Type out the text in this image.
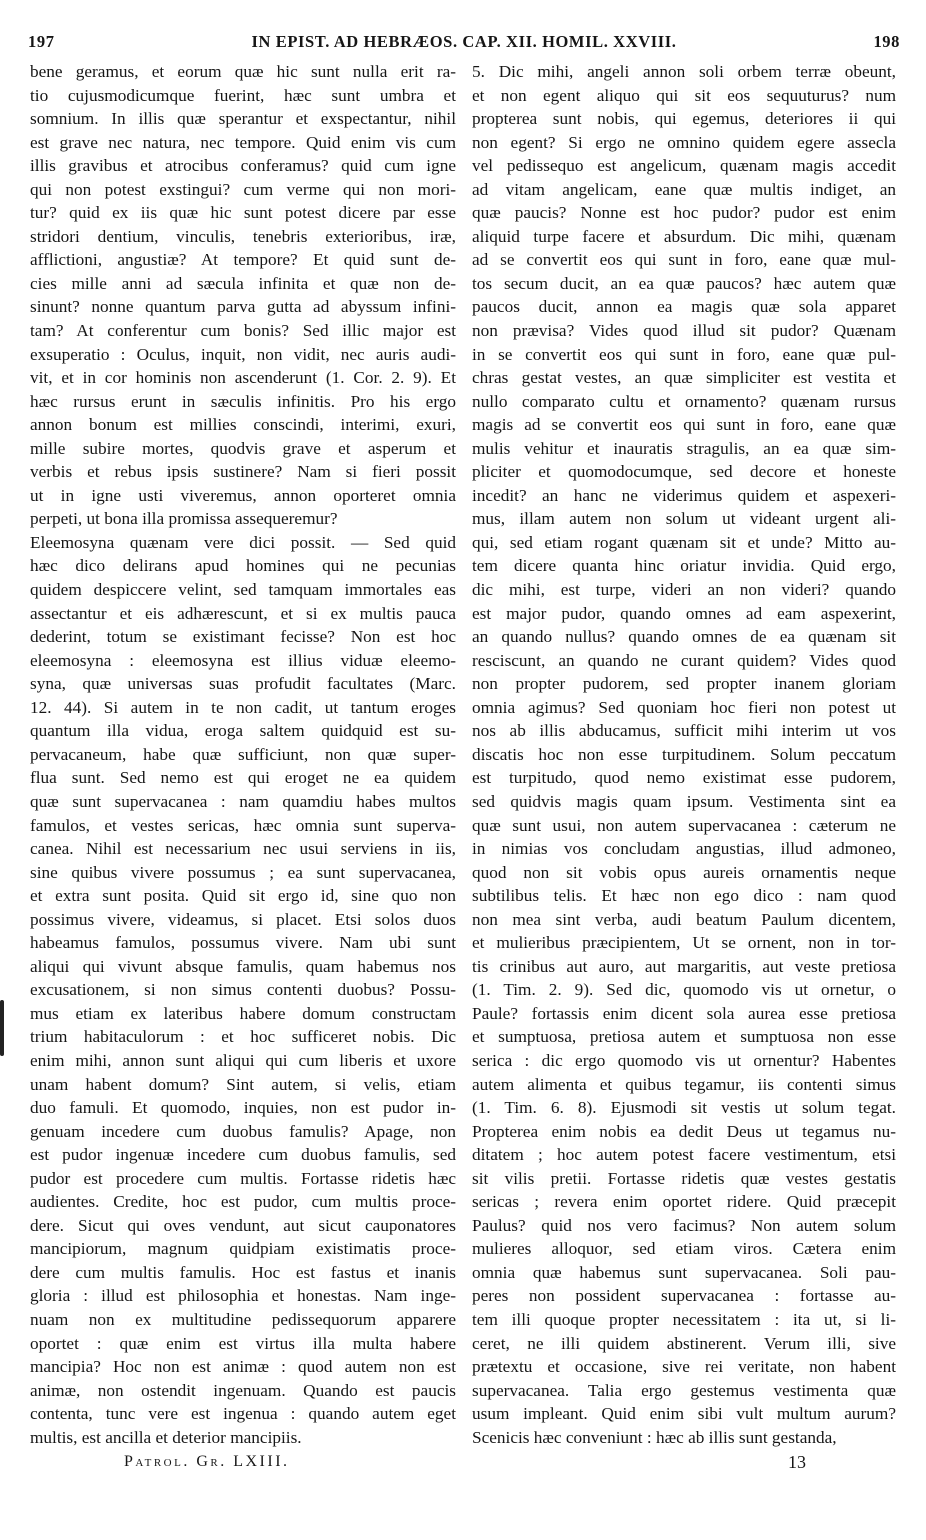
197	IN EPIST. AD HEBRÆOS. CAP. XII. HOMIL. XXVIII.	198
bene geramus, et eorum quæ hic sunt nulla erit ra-
tio cujusmodicumque fuerint, hæc sunt umbra et
somnium. In illis quæ sperantur et exspectantur, nihil
est grave nec natura, nec tempore. Quid enim vis cum
illis gravibus et atrocibus conferamus? quid cum igne
qui non potest exstingui? cum verme qui non mori-
tur? quid ex iis quæ hic sunt potest dicere par esse
stridori dentium, vinculis, tenebris exterioribus, iræ,
afflictioni, angustiæ? At tempore? Et quid sunt de-
cies mille anni ad sæcula infinita et quæ non de-
sinunt? nonne quantum parva gutta ad abyssum infini-
tam? At conferentur cum bonis? Sed illic major est
exsuperatio : Oculus, inquit, non vidit, nec auris audi-
vit, et in cor hominis non ascenderunt (1. Cor. 2. 9). Et
hæc rursus erunt in sæculis infinitis. Pro his ergo
annon bonum est millies conscindi, interimi, exuri,
mille subire mortes, quodvis grave et asperum et
verbis et rebus ipsis sustinere? Nam si fieri possit
ut in igne usti viveremus, annon oporteret omnia
perpeti, ut bona illa promissa assequeremur?
Eleemosyna quænam vere dici possit. — Sed quid
hæc dico delirans apud homines qui ne pecunias
quidem despiccere velint, sed tamquam immortales eas
assectantur et eis adhærescunt, et si ex multis pauca
dederint, totum se existimant fecisse? Non est hoc
eleemosyna : eleemosyna est illius viduæ eleemo-
syna, quæ universas suas profudit facultates (Marc.
12. 44). Si autem in te non cadit, ut tantum eroges
quantum illa vidua, eroga saltem quidquid est su-
pervacaneum, habe quæ sufficiunt, non quæ super-
flua sunt. Sed nemo est qui eroget ne ea quidem
quæ sunt supervacanea : nam quamdiu habes multos
famulos, et vestes sericas, hæc omnia sunt superva-
canea. Nihil est necessarium nec usui serviens in iis,
sine quibus vivere possumus ; ea sunt supervacanea,
et extra sunt posita. Quid sit ergo id, sine quo non
possimus vivere, videamus, si placet. Etsi solos duos
habeamus famulos, possumus vivere. Nam ubi sunt
aliqui qui vivunt absque famulis, quam habemus nos
excusationem, si non simus contenti duobus? Possu-
mus etiam ex lateribus habere domum constructam
trium habitaculorum : et hoc sufficeret nobis. Dic
enim mihi, annon sunt aliqui qui cum liberis et uxore
unam habent domum? Sint autem, si velis, etiam
duo famuli. Et quomodo, inquies, non est pudor in-
genuam incedere cum duobus famulis? Apage, non
est pudor ingenuæ incedere cum duobus famulis, sed
pudor est procedere cum multis. Fortasse ridetis hæc
audientes. Credite, hoc est pudor, cum multis proce-
dere. Sicut qui oves vendunt, aut sicut cauponatores
mancipiorum, magnum quidpiam existimatis proce-
dere cum multis famulis. Hoc est fastus et inanis
gloria : illud est philosophia et honestas. Nam inge-
nuam non ex multitudine pedissequorum apparere
oportet : quæ enim est virtus illa multa habere
mancipia? Hoc non est animæ : quod autem non est
animæ, non ostendit ingenuam. Quando est paucis
contenta, tunc vere est ingenua : quando autem eget
multis, est ancilla et deterior mancipiis.
5. Dic mihi, angeli annon soli orbem terræ obeunt,
et non egent aliquo qui sit eos sequuturus? num
propterea sunt nobis, qui egemus, deteriores ii qui
non egent? Si ergo ne omnino quidem egere assecla
vel pedissequo est angelicum, quænam magis accedit
ad vitam angelicam, eane quæ multis indiget, an
quæ paucis? Nonne est hoc pudor? pudor est enim
aliquid turpe facere et absurdum. Dic mihi, quænam
ad se convertit eos qui sunt in foro, eane quæ mul-
tos secum ducit, an ea quæ paucos? hæc autem quæ
paucos ducit, annon ea magis quæ sola apparet
non prævisa? Vides quod illud sit pudor? Quænam
in se convertit eos qui sunt in foro, eane quæ pul-
chras gestat vestes, an quæ simpliciter est vestita et
nullo comparato cultu et ornamento? quænam rursus
magis ad se convertit eos qui sunt in foro, eane quæ
mulis vehitur et inauratis stragulis, an ea quæ sim-
pliciter et quomodocumque, sed decore et honeste
incedit? an hanc ne viderimus quidem et aspexeri-
mus, illam autem non solum ut videant urgent ali-
qui, sed etiam rogant quænam sit et unde? Mitto au-
tem dicere quanta hinc oriatur invidia. Quid ergo,
dic mihi, est turpe, videri an non videri? quando
est major pudor, quando omnes ad eam aspexerint,
an quando nullus? quando omnes de ea quænam sit
resciscunt, an quando ne curant quidem? Vides quod
non propter pudorem, sed propter inanem gloriam
omnia agimus? Sed quoniam hoc fieri non potest ut
nos ab illis abducamus, sufficit mihi interim ut vos
discatis hoc non esse turpitudinem. Solum peccatum
est turpitudo, quod nemo existimat esse pudorem,
sed quidvis magis quam ipsum. Vestimenta sint ea
quæ sunt usui, non autem supervacanea : cæterum ne
in nimias vos concludam angustias, illud admoneo,
quod non sit vobis opus aureis ornamentis neque
subtilibus telis. Et hæc non ego dico : nam quod
non mea sint verba, audi beatum Paulum dicentem,
et mulieribus præcipientem, Ut se ornent, non in tor-
tis crinibus aut auro, aut margaritis, aut veste pretiosa
(1. Tim. 2. 9). Sed dic, quomodo vis ut ornetur, o
Paule? fortassis enim dicent sola aurea esse pretiosa
et sumptuosa, pretiosa autem et sumptuosa non esse
serica : dic ergo quomodo vis ut ornentur? Habentes
autem alimenta et quibus tegamur, iis contenti simus
(1. Tim. 6. 8). Ejusmodi sit vestis ut solum tegat.
Propterea enim nobis ea dedit Deus ut tegamus nu-
ditatem ; hoc autem potest facere vestimentum, etsi
sit vilis pretii. Fortasse ridetis quæ vestes gestatis
sericas ; revera enim oportet ridere. Quid præcepit
Paulus? quid nos vero facimus? Non autem solum
mulieres alloquor, sed etiam viros. Cætera enim
omnia quæ habemus sunt supervacanea. Soli pau-
peres non possident supervacanea : fortasse au-
tem illi quoque propter necessitatem : ita ut, si li-
ceret, ne illi quidem abstinerent. Verum illi, sive
prætextu et occasione, sive rei veritate, non habent
supervacanea. Talia ergo gestemus vestimenta quæ
usum impleant. Quid enim sibi vult multum aurum?
Scenicis hæc conveniunt : hæc ab illis sunt gestanda,
Patrol. Gr. LXIII.	13
